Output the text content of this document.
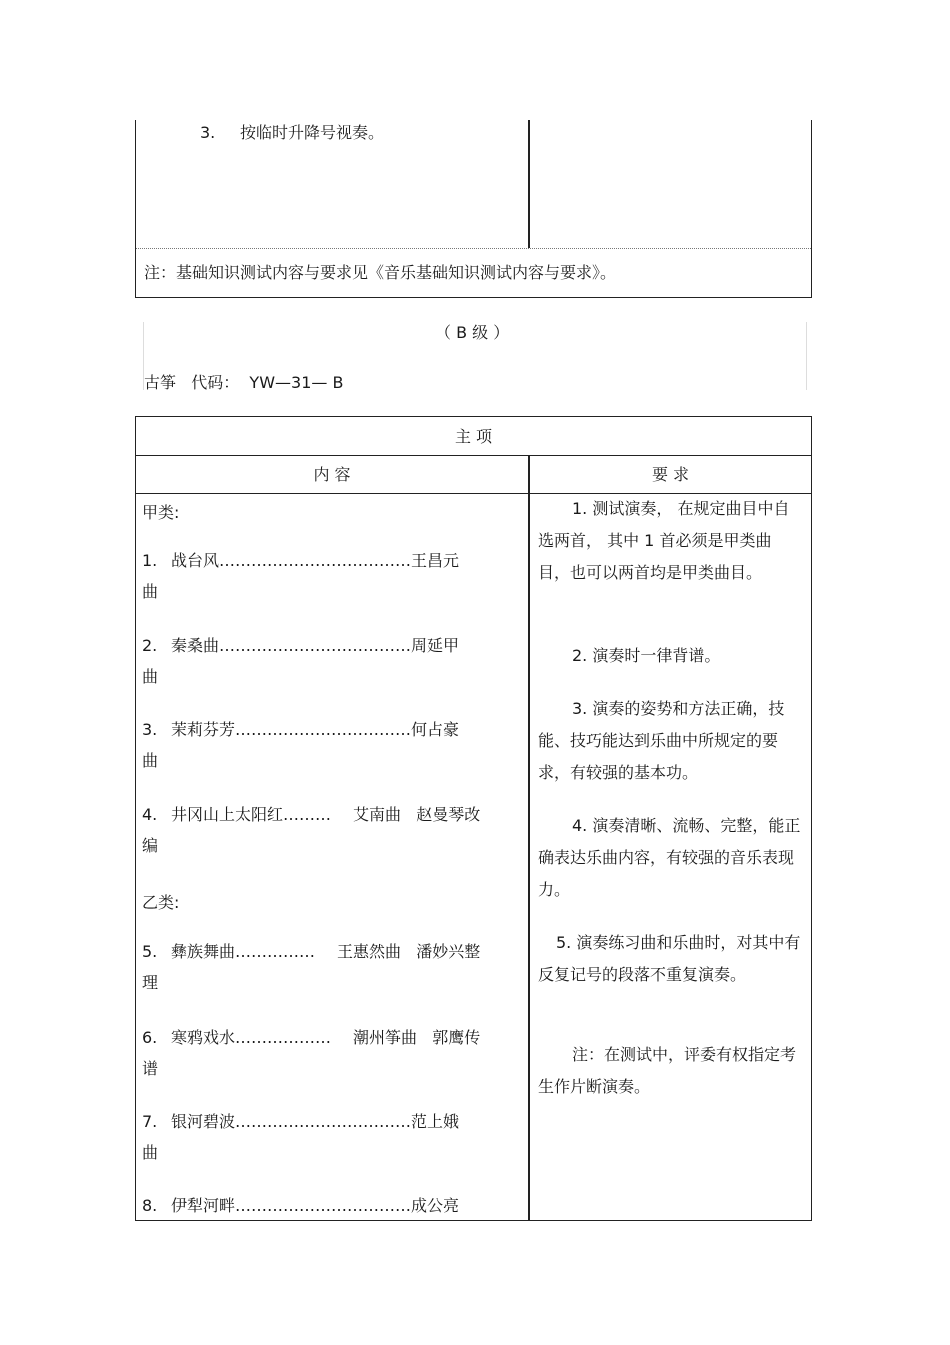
3. 按临时升降号视奏。
注：基础知识测试内容与要求见《音乐基础知识测试内容与要求》。
（ B 级 ）
古筝   代码：  YW—31— B
主 项
内 容	要 求
甲类:
乙类:
1. 战台风 ……………………………… 王昌元
曲
2. 秦桑曲 ……………………………… 周延甲
曲
3. 茉莉芬芳 …………………………… 何占豪
曲
4. 井冈山上太阳红 ……… 艾南曲   赵曼琴改
编
5. 彝族舞曲 …………… 王惠然曲   潘妙兴整
理
6. 寒鸦戏水 ……………… 潮州筝曲   郭鹰传
谱
7. 银河碧波 …………………………… 范上娥
曲
8. 伊犁河畔 …………………………… 成公亮

1. 测试演奏， 在规定曲目中自选两首， 其中 1 首必须是甲类曲目，也可以两首均是甲类曲目。

2. 演奏时一律背谱。

3. 演奏的姿势和方法正确，技能、技巧能达到乐曲中所规定的要求，有较强的基本功。

4. 演奏清晰、流畅、完整，能正确表达乐曲内容，有较强的音乐表现力。

5. 演奏练习曲和乐曲时，对其中有反复记号的段落不重复演奏。

注：在测试中，评委有权指定考生作片断演奏。
